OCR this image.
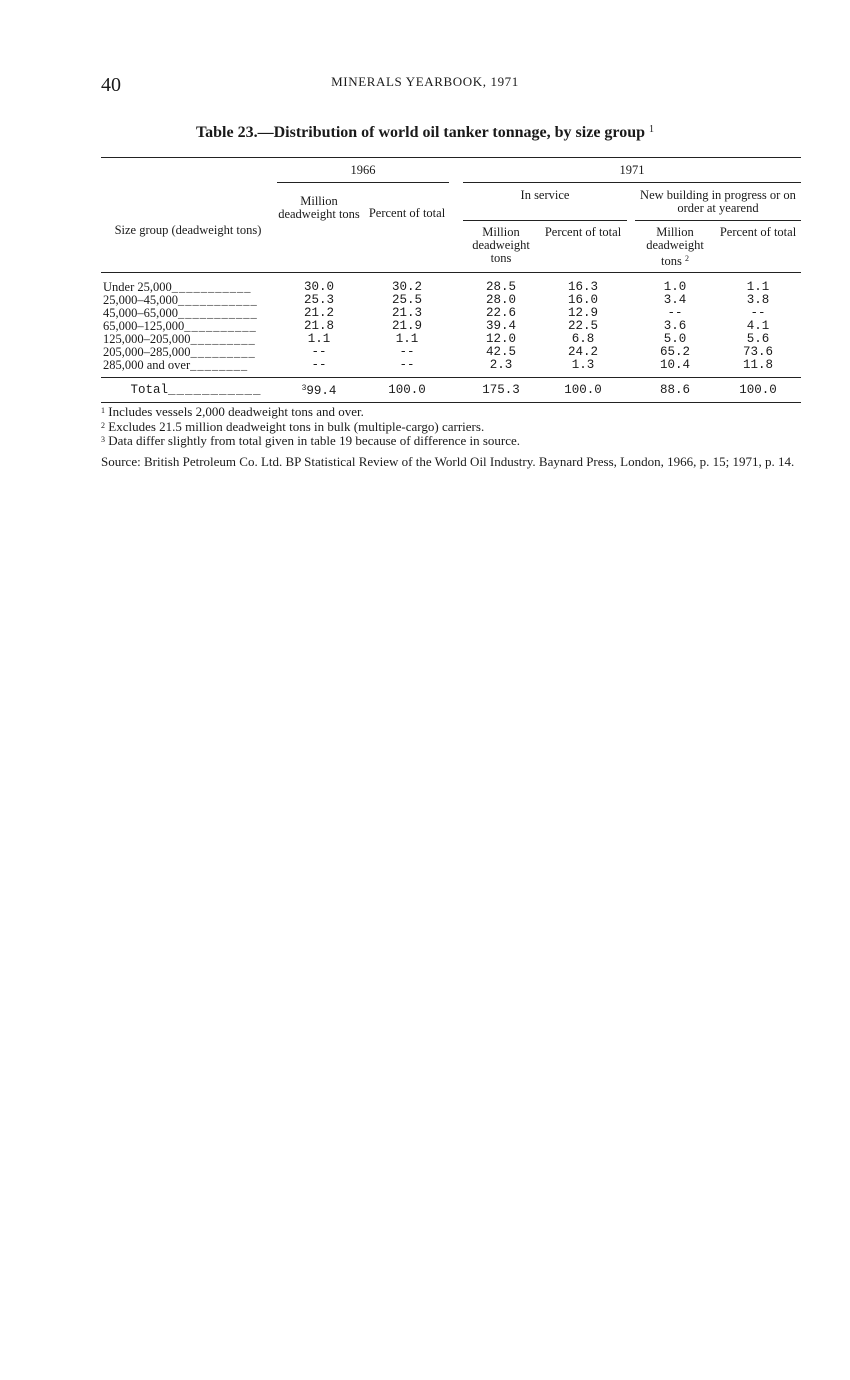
40	MINERALS YEARBOOK, 1971
Table 23.—Distribution of world oil tanker tonnage, by size group $^1$
Size group (deadweight tons)	1966		1971			

	Million deadweight tons	Percent of total	In service		New building in progress or on order at yearend	

			Million deadweight tons	Percent of total	Million deadweight tons $^2$	Percent of total
Under 25,000___________	30.0	30.2	28.5	16.3	1.0	1.1
25,000–45,000___________	25.3	25.5	28.0	16.0	3.4	3.8
45,000–65,000___________	21.2	21.3	22.6	12.9	--	--
65,000–125,000__________	21.8	21.9	39.4	22.5	3.6	4.1
125,000–205,000_________	1.1	1.1	12.0	6.8	5.0	5.6
205,000–285,000_________	--	--	42.5	24.2	65.2	73.6
285,000 and over________	--	--	2.3	1.3	10.4	11.8
Total___________	$^3$99.4	100.0	175.3	100.0	88.6	100.0
$^1$ Includes vessels 2,000 deadweight tons and over.
$^2$ Excludes 21.5 million deadweight tons in bulk (multiple-cargo) carriers.
$^3$ Data differ slightly from total given in table 19 because of difference in source.
Source: British Petroleum Co. Ltd. BP Statistical Review of the World Oil Industry. Baynard Press, London, 1966, p. 15; 1971, p. 14.
